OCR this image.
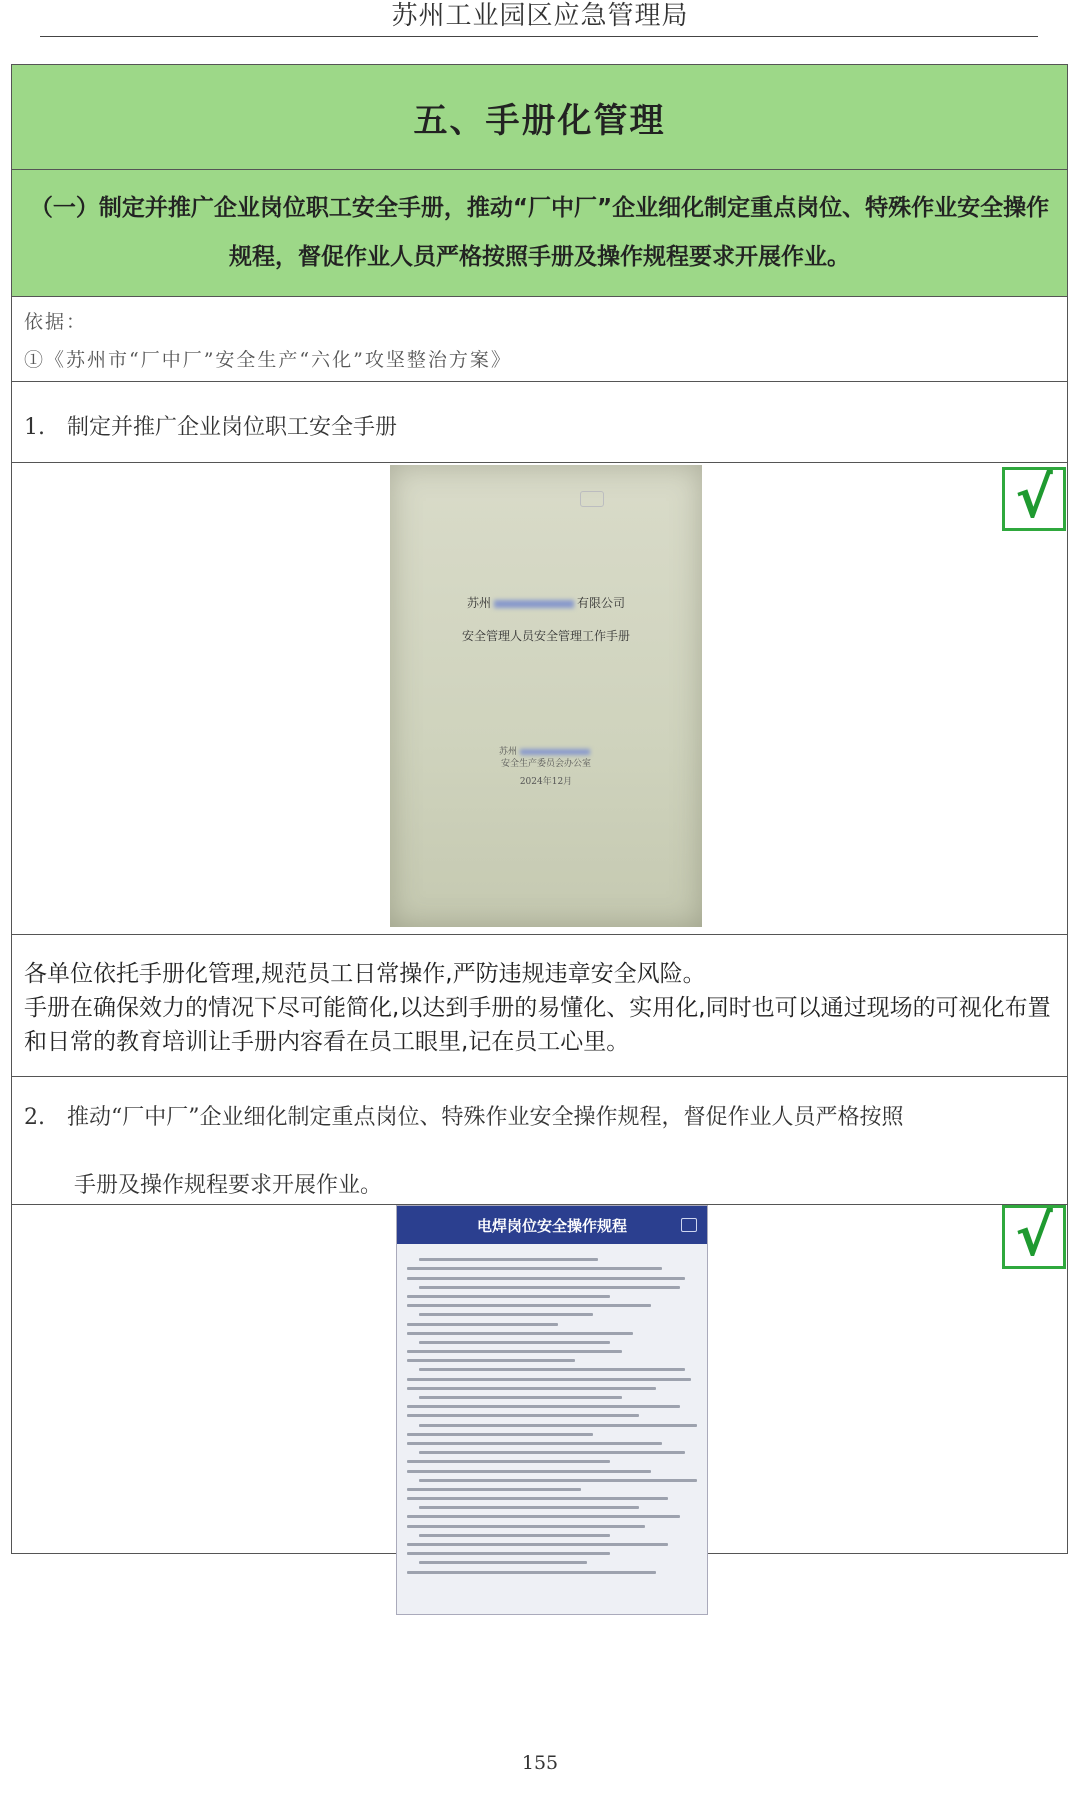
苏州工业园区应急管理局
五、手册化管理
（一）制定并推广企业岗位职工安全手册，推动“厂中厂”企业细化制定重点岗位、特殊作业安全操作规程，督促作业人员严格按照手册及操作规程要求开展作业。
依据：
①《苏州市“厂中厂”安全生产“六化”攻坚整治方案》
1.　制定并推广企业岗位职工安全手册
苏州	有限公司
安全管理人员安全管理工作手册
苏州
安全生产委员会办公室
2024年12月
√
各单位依托手册化管理,规范员工日常操作,严防违规违章安全风险。
手册在确保效力的情况下尽可能简化,以达到手册的易懂化、实用化,同时也可以通过现场的可视化布置和日常的教育培训让手册内容看在员工眼里,记在员工心里。
2.　推动“厂中厂”企业细化制定重点岗位、特殊作业安全操作规程，督促作业人员严格按照
手册及操作规程要求开展作业。
电焊岗位安全操作规程	√
155
